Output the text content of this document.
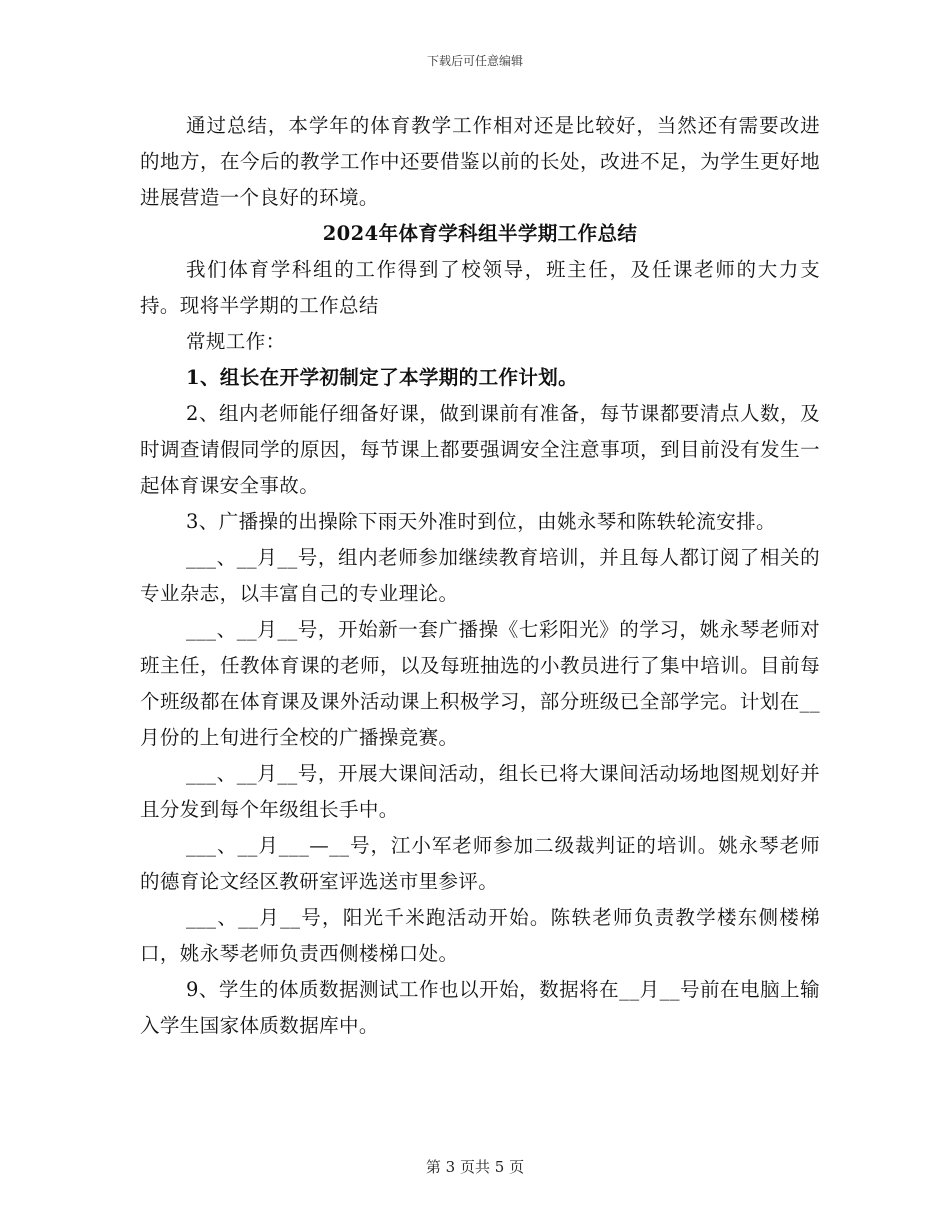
下载后可任意编辑

通过总结，本学年的体育教学工作相对还是比较好，当然还有需要改进的地方，在今后的教学工作中还要借鉴以前的长处，改进不足，为学生更好地进展营造一个良好的环境。

2024年体育学科组半学期工作总结

我们体育学科组的工作得到了校领导，班主任，及任课老师的大力支持。现将半学期的工作总结

常规工作：

1、组长在开学初制定了本学期的工作计划。

2、组内老师能仔细备好课，做到课前有准备，每节课都要清点人数，及时调查请假同学的原因，每节课上都要强调安全注意事项，到目前没有发生一起体育课安全事故。

3、广播操的出操除下雨天外准时到位，由姚永琴和陈轶轮流安排。

___、__月__号，组内老师参加继续教育培训，并且每人都订阅了相关的专业杂志，以丰富自己的专业理论。

___、__月__号，开始新一套广播操《七彩阳光》的学习，姚永琴老师对班主任，任教体育课的老师，以及每班抽选的小教员进行了集中培训。目前每个班级都在体育课及课外活动课上积极学习，部分班级已全部学完。计划在__月份的上旬进行全校的广播操竞赛。

___、__月__号，开展大课间活动，组长已将大课间活动场地图规划好并且分发到每个年级组长手中。

___、__月___—__号，江小军老师参加二级裁判证的培训。姚永琴老师的德育论文经区教研室评选送市里参评。

___、__月__号，阳光千米跑活动开始。陈轶老师负责教学楼东侧楼梯口，姚永琴老师负责西侧楼梯口处。

9、学生的体质数据测试工作也以开始，数据将在__月__号前在电脑上输入学生国家体质数据库中。

第 3 页共 5 页
